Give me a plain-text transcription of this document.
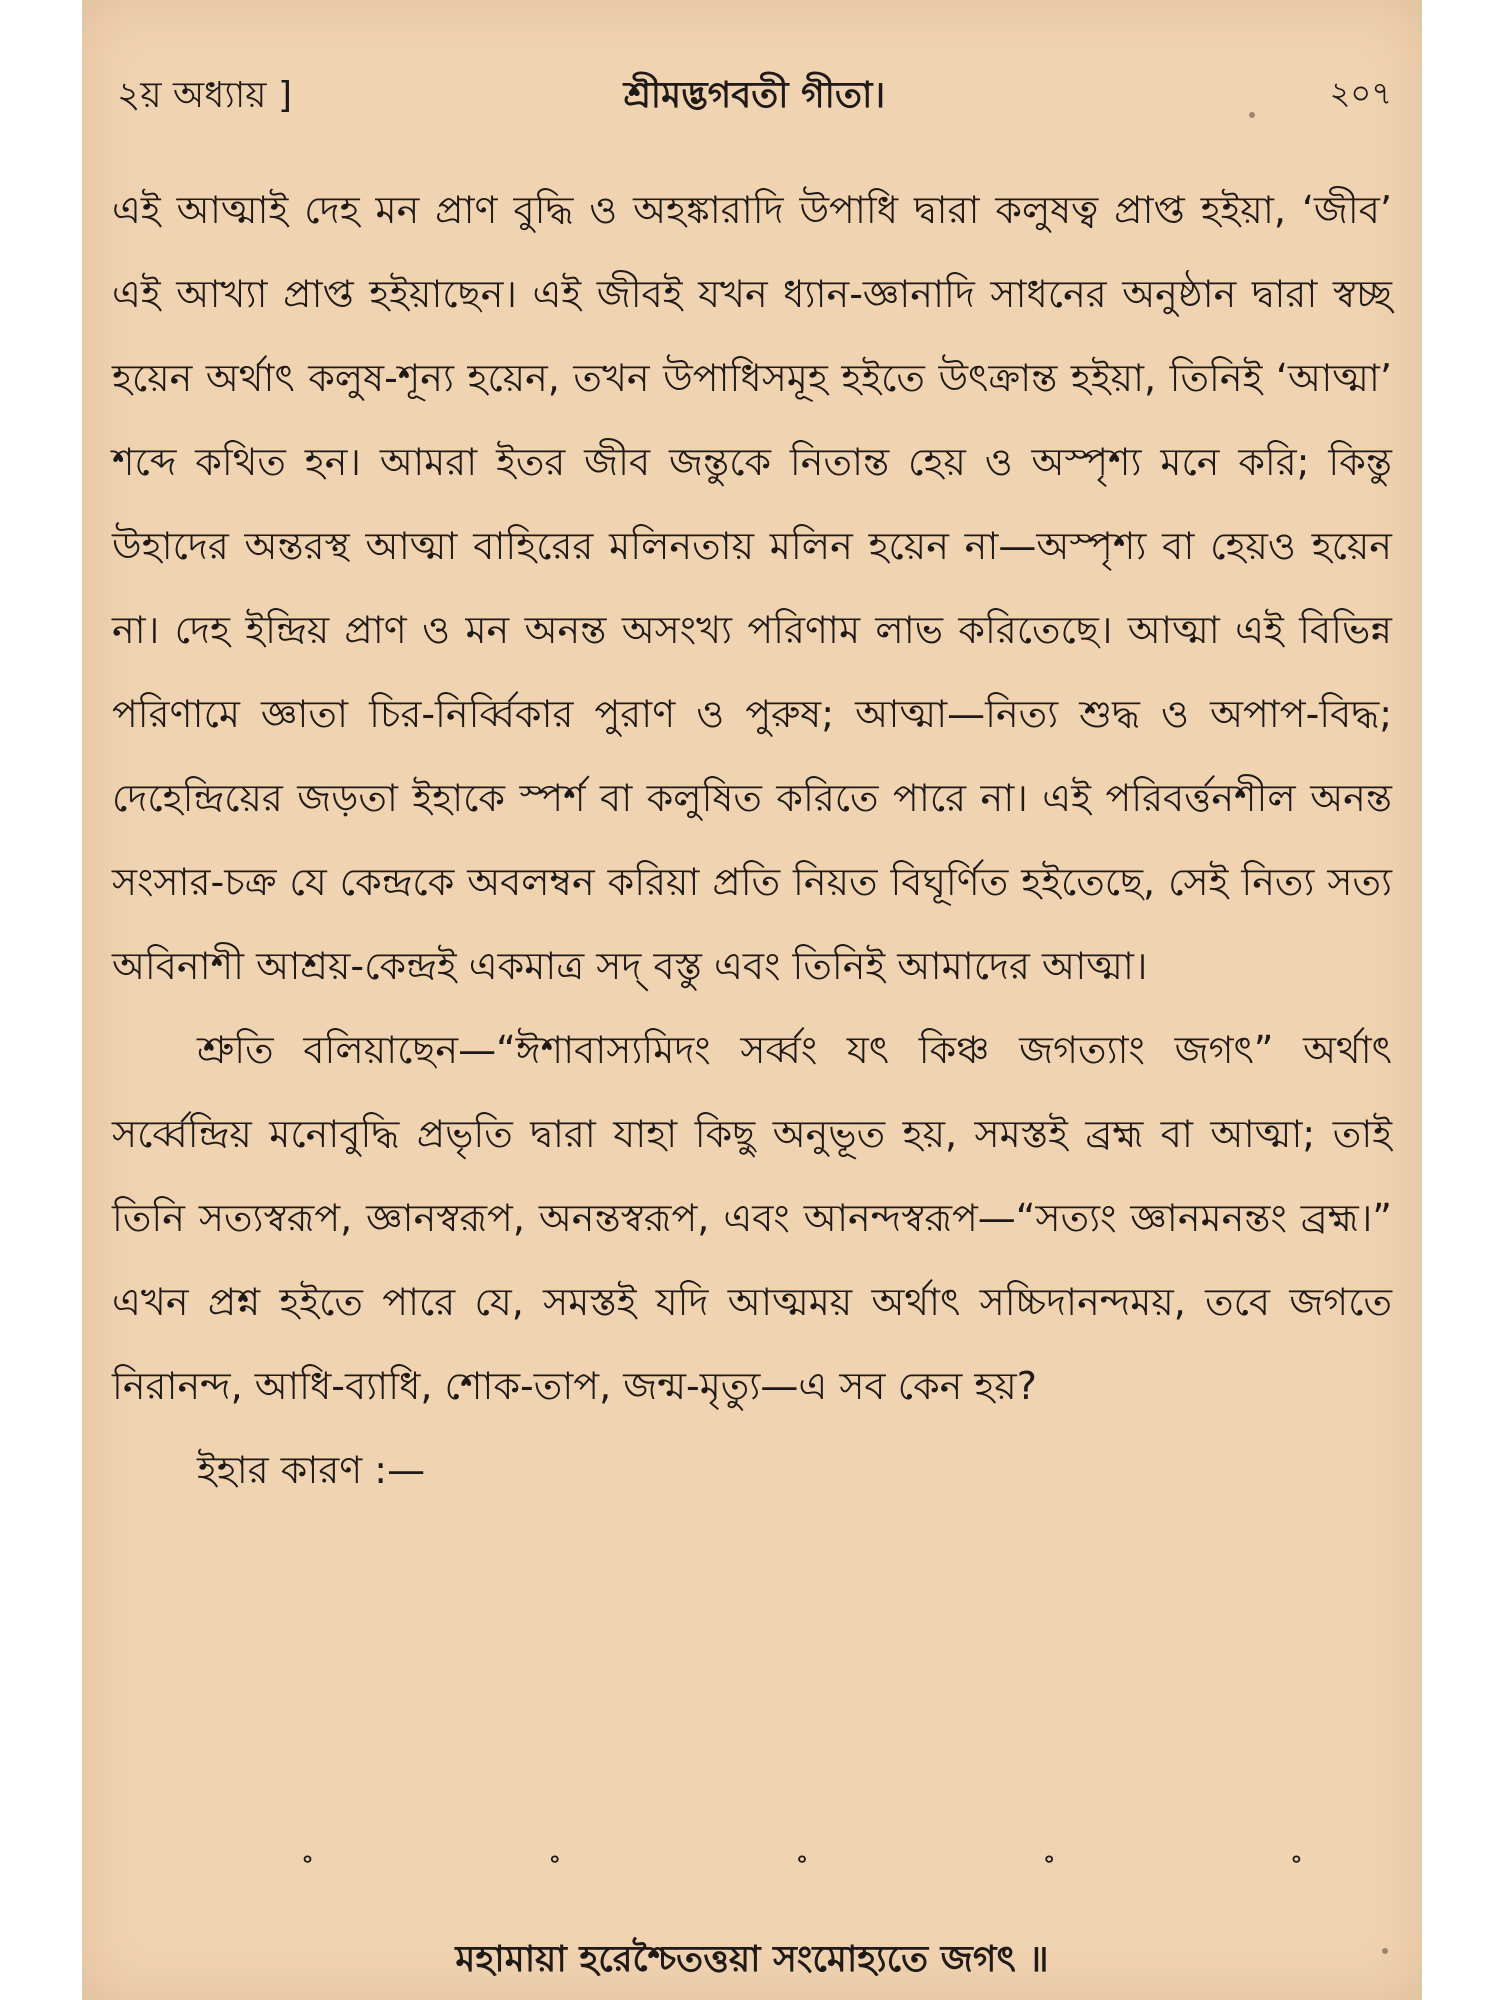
২য় অধ্যায় ]	শ্রীমদ্ভগবতী গীতা।	২০৭

এই আত্মাই দেহ মন প্রাণ বুদ্ধি ও অহঙ্কারাদি উপাধি দ্বারা কলুষত্ব প্রাপ্ত হইয়া, ‘জীব’ এই আখ্যা প্রাপ্ত হইয়াছেন। এই জীবই যখন ধ্যান-জ্ঞানাদি সাধনের অনুষ্ঠান দ্বারা স্বচ্ছ হয়েন অর্থাৎ কলুষ-শূন্য হয়েন, তখন উপাধিসমূহ হইতে উৎক্রান্ত হইয়া, তিনিই ‘আত্মা’ শব্দে কথিত হন। আমরা ইতর জীব জন্তুকে নিতান্ত হেয় ও অস্পৃশ্য মনে করি; কিন্তু উহাদের অন্তরস্থ আত্মা বাহিরের মলিনতায় মলিন হয়েন না—অস্পৃশ্য বা হেয়ও হয়েন না। দেহ ইন্দ্রিয় প্রাণ ও মন অনন্ত অসংখ্য পরিণাম লাভ করিতেছে। আত্মা এই বিভিন্ন পরিণামে জ্ঞাতা চির-নির্ব্বিকার পুরাণ ও পুরুষ; আত্মা—নিত্য শুদ্ধ ও অপাপ-বিদ্ধ; দেহেন্দ্রিয়ের জড়তা ইহাকে স্পর্শ বা কলুষিত করিতে পারে না। এই পরিবর্ত্তনশীল অনন্ত সংসার-চক্র যে কেন্দ্রকে অবলম্বন করিয়া প্রতি নিয়ত বিঘূর্ণিত হইতেছে, সেই নিত্য সত্য অবিনাশী আশ্রয়-কেন্দ্রই একমাত্র সদ্ বস্তু এবং তিনিই আমাদের আত্মা।

শ্রুতি বলিয়াছেন—“ঈশাবাস্যমিদং সর্ব্বং যৎ কিঞ্চ জগত্যাং জগৎ” অর্থাৎ সর্ব্বেন্দ্রিয় মনোবুদ্ধি প্রভৃতি দ্বারা যাহা কিছু অনুভূত হয়, সমস্তই ব্রহ্ম বা আত্মা; তাই তিনি সত্যস্বরূপ, জ্ঞানস্বরূপ, অনন্তস্বরূপ, এবং আনন্দস্বরূপ—“সত্যং জ্ঞানমনন্তং ব্রহ্ম।” এখন প্রশ্ন হইতে পারে যে, সমস্তই যদি আত্মময় অর্থাৎ সচ্চিদানন্দময়, তবে জগতে নিরানন্দ, আধি-ব্যাধি, শোক-তাপ, জন্ম-মৃত্যু—এ সব কেন হয়?

ইহার কারণ :—

॰	॰	॰	॰	॰
মহামায়া হরেশ্চৈতত্তয়া সংমোহ্যতে জগৎ ॥
